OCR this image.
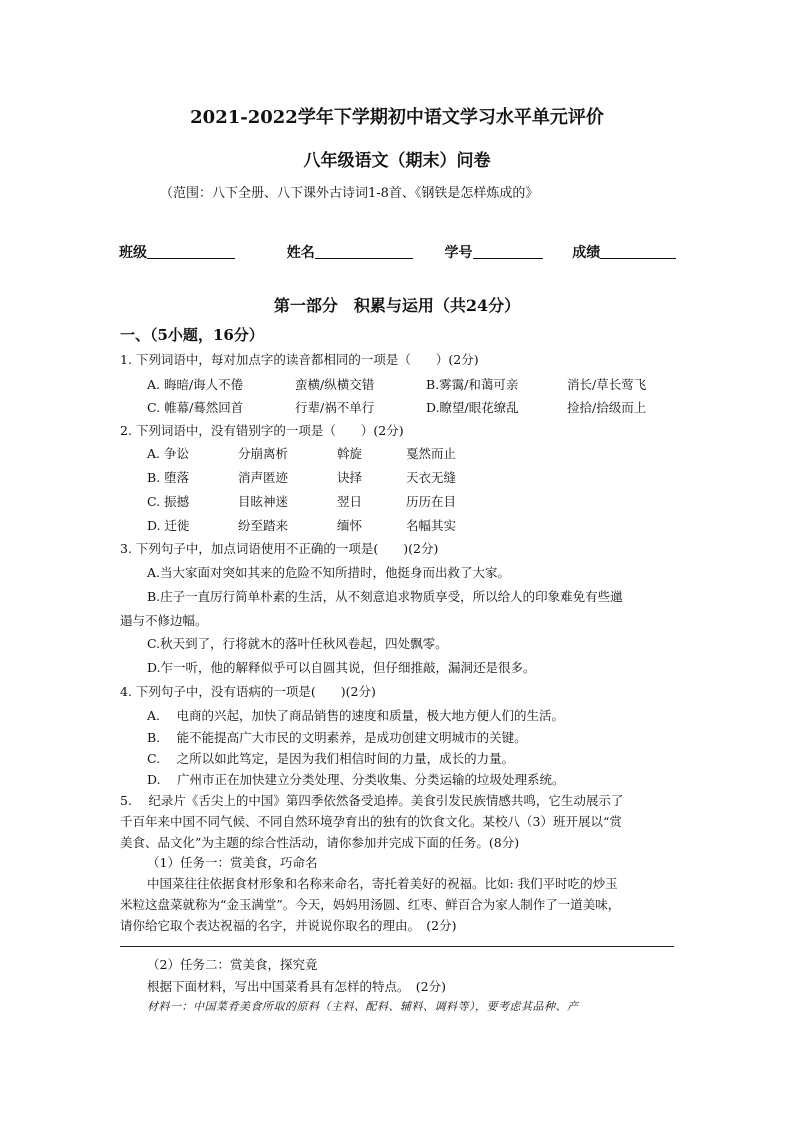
2021-2022学年下学期初中语文学习水平单元评价
八年级语文（期末）问卷
（范围：八下全册、八下课外古诗词1-8首、《钢铁是怎样炼成的》
班级	姓名	学号	成绩
第一部分　积累与运用（共24分）
一、（5小题，16分）
1. 下列词语中，每对加点字的读音都相同的一项是（　　）(2分)
A. 晦暗/诲人不倦	蛮横/纵横交错	B.雾霭/和蔼可亲	消长/草长莺飞
C. 帷幕/蓦然回首	行辈/祸不单行	D.瞭望/眼花缭乱	捡拾/拾级而上
2. 下列词语中，没有错别字的一项是（　　）(2分)
A. 争讼	分崩离析	斡旋	戛然而止
B. 堕落	消声匿迹	诀择	天衣无缝
C. 振撼	目眩神迷	翌日	历历在目
D. 迁徙	纷至踏来	缅怀	名幅其实
3. 下列句子中，加点词语使用不正确的一项是(　　)(2分)
A.当大家面对突如其来的危险不知所措时，他挺身而出救了大家。
B.庄子一直厉行简单朴素的生活，从不刻意追求物质享受，所以给人的印象难免有些邋
遢与不修边幅。
C.秋天到了，行将就木的落叶任秋风卷起，四处飘零。
D.乍一听，他的解释似乎可以自圆其说，但仔细推敲，漏洞还是很多。
4. 下列句子中，没有语病的一项是(　　)(2分)
A.　 电商的兴起，加快了商品销售的速度和质量，极大地方便人们的生活。
B.　 能不能提高广大市民的文明素养，是成功创建文明城市的关键。
C.　 之所以如此笃定，是因为我们相信时间的力量，成长的力量。
D.　 广州市正在加快建立分类处理、分类收集、分类运输的垃圾处理系统。
5.　 纪录片《舌尖上的中国》第四季依然备受追捧。美食引发民族情感共鸣，它生动展示了
千百年来中国不同气候、不同自然环境孕育出的独有的饮食文化。某校八（3）班开展以“赏
美食、品文化”为主题的综合性活动，请你参加并完成下面的任务。(8分)
（1）任务一：赏美食，巧命名
中国菜往往依据食材形象和名称来命名，寄托着美好的祝福。比如: 我们平时吃的炒玉
米粒这盘菜就称为“金玉满堂”。今天，妈妈用汤圆、红枣、鲜百合为家人制作了一道美味，
请你给它取个表达祝福的名字，并说说你取名的理由。　(2分)
（2）任务二：赏美食，探究竟
根据下面材料，写出中国菜肴具有怎样的特点。　(2分)
材料一：中国菜肴美食所取的原料（主料、配料、辅料、调料等），要考虑其品种、产
